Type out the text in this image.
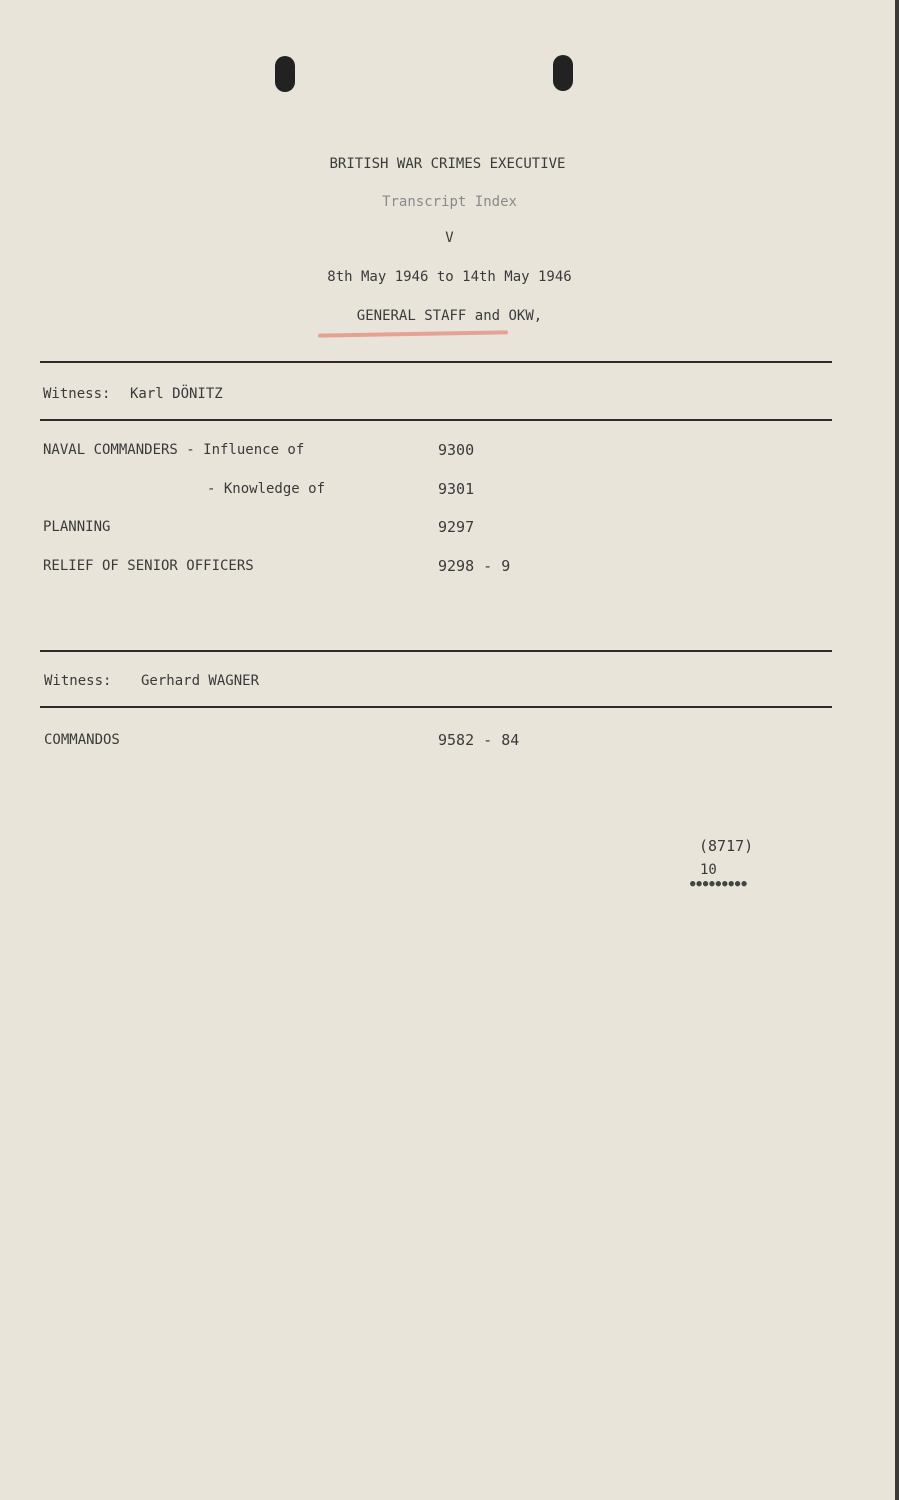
BRITISH WAR CRIMES EXECUTIVE
Transcript Index
V
8th May 1946 to 14th May 1946
GENERAL STAFF and OKW,
Witness: Karl DÖNITZ
NAVAL COMMANDERS - Influence of	9300
- Knowledge of	9301
PLANNING	9297
RELIEF OF SENIOR OFFICERS	9298 - 9
Witness: Gerhard WAGNER
COMMANDOS	9582 - 84
(8717)
10
●●●●●●●●●
